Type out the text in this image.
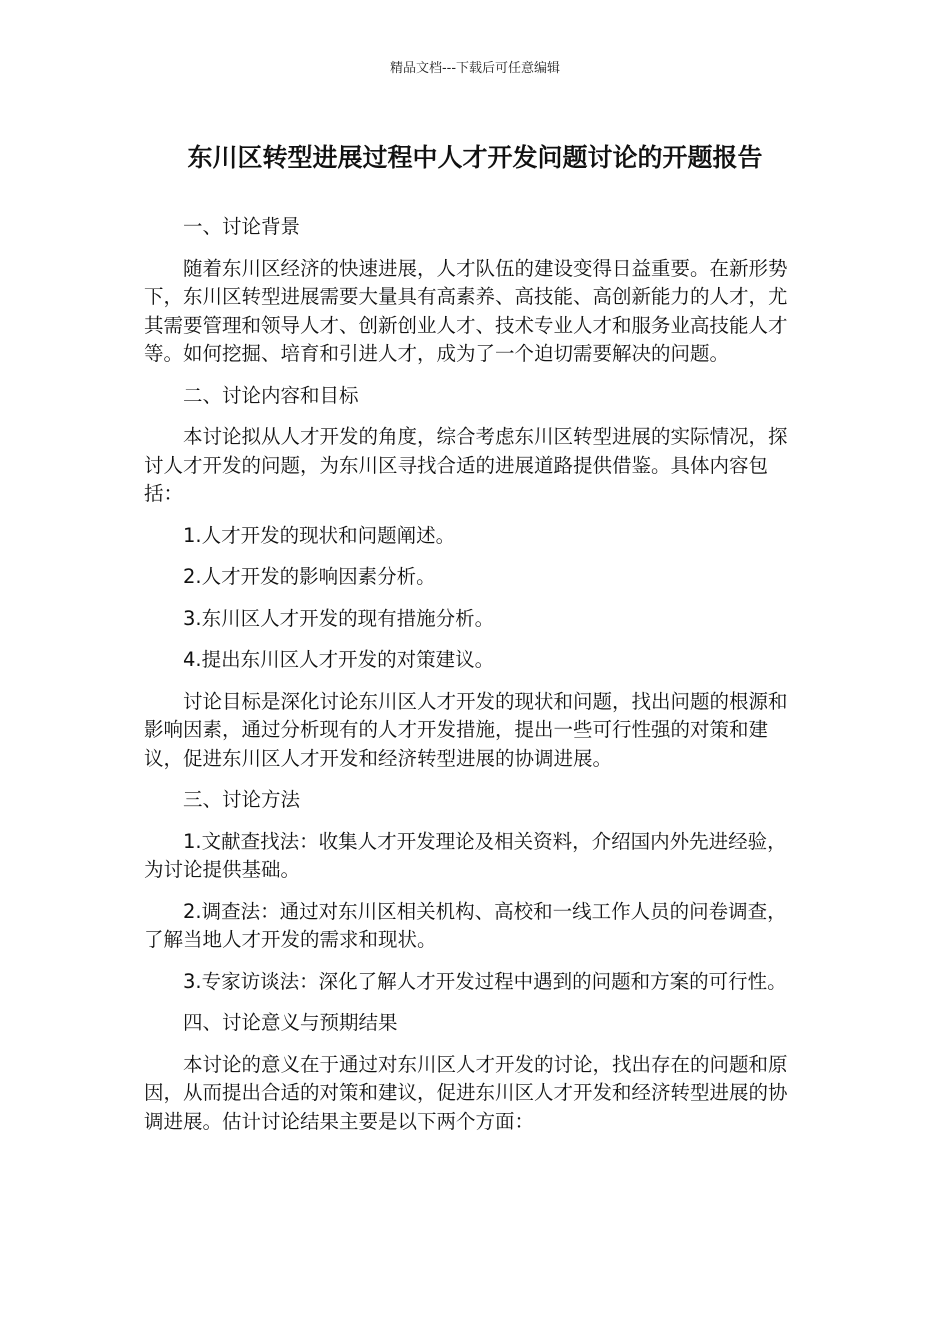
精品文档---下载后可任意编辑
东川区转型进展过程中人才开发问题讨论的开题报告

一、讨论背景

随着东川区经济的快速进展，人才队伍的建设变得日益重要。在新形势下，东川区转型进展需要大量具有高素养、高技能、高创新能力的人才，尤其需要管理和领导人才、创新创业人才、技术专业人才和服务业高技能人才等。如何挖掘、培育和引进人才，成为了一个迫切需要解决的问题。

二、讨论内容和目标

本讨论拟从人才开发的角度，综合考虑东川区转型进展的实际情况，探讨人才开发的问题，为东川区寻找合适的进展道路提供借鉴。具体内容包括：

1.人才开发的现状和问题阐述。

2.人才开发的影响因素分析。

3.东川区人才开发的现有措施分析。

4.提出东川区人才开发的对策建议。

讨论目标是深化讨论东川区人才开发的现状和问题，找出问题的根源和影响因素，通过分析现有的人才开发措施，提出一些可行性强的对策和建议，促进东川区人才开发和经济转型进展的协调进展。

三、讨论方法

1.文献查找法：收集人才开发理论及相关资料，介绍国内外先进经验，为讨论提供基础。

2.调查法：通过对东川区相关机构、高校和一线工作人员的问卷调查，了解当地人才开发的需求和现状。

3.专家访谈法：深化了解人才开发过程中遇到的问题和方案的可行性。

四、讨论意义与预期结果

本讨论的意义在于通过对东川区人才开发的讨论，找出存在的问题和原因，从而提出合适的对策和建议，促进东川区人才开发和经济转型进展的协调进展。估计讨论结果主要是以下两个方面：
